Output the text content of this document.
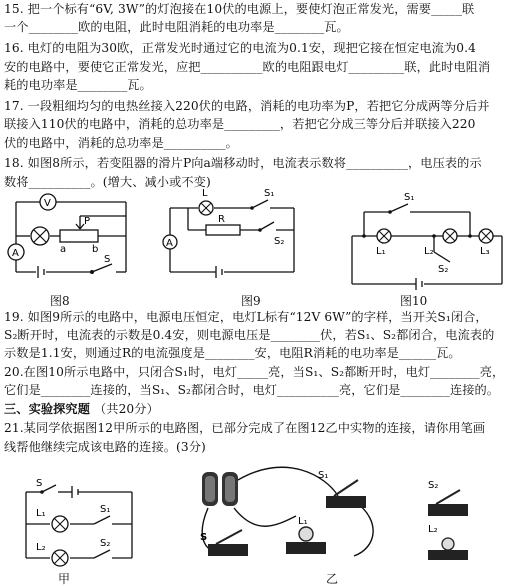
15. 把一个标有“6V, 3W”的灯泡接在10伏的电源上，要使灯泡正常发光，需要_____联
一个________欧的电阻，此时电阻消耗的电功率是________瓦。
16. 电灯的电阻为30欧，正常发光时通过它的电流为0.1安，现把它接在恒定电流为0.4
安的电路中，要使它正常发光，应把__________欧的电阻跟电灯_________联，此时电阻消
耗的电功率是________瓦。
17. 一段粗细均匀的电热丝接入220伏的电路，消耗的电功率为P，若把它分成两等分后并
联接入110伏的电路中，消耗的总功率是_________，若把它分成三等分后并联接入220
伏的电路中，消耗的总功率是__________。
18. 如图8所示，若变阻器的滑片P向a端移动时，电流表示数将__________，电压表的示
数将__________。(增大、减小或不变)
图8	图9	图10
19. 如图9所示的电路中，电源电压恒定，电灯L标有“12V 6W”的字样，当开关S₁闭合，
S₂断开时，电流表的示数是0.4安，则电源电压是________伏，若S₁、S₂都闭合，电流表的
示数是1.1安，则通过R的电流强度是________安，电阻R消耗的电功率是______瓦。
20.在图10所示电路中，只闭合S₁时，电灯_____亮，当S₁、S₂都断开时，电灯________亮，
它们是________连接的，当S₁、S₂都闭合时，电灯__________亮，它们是________连接的。
三、实验探究题 （共20分）
21.某同学依据图12甲所示的电路图，已部分完成了在图12乙中实物的连接，请你用笔画
线帮他继续完成该电路的连接。(3分)
V
A
P
a	b
S
L
R
A
S₁
S₂
S₁
L₁	L₂	L₃
S₂
S
L₁
L₂
S₁
S₂
甲
S
S₁
L₁
乙
S₂
L₂
